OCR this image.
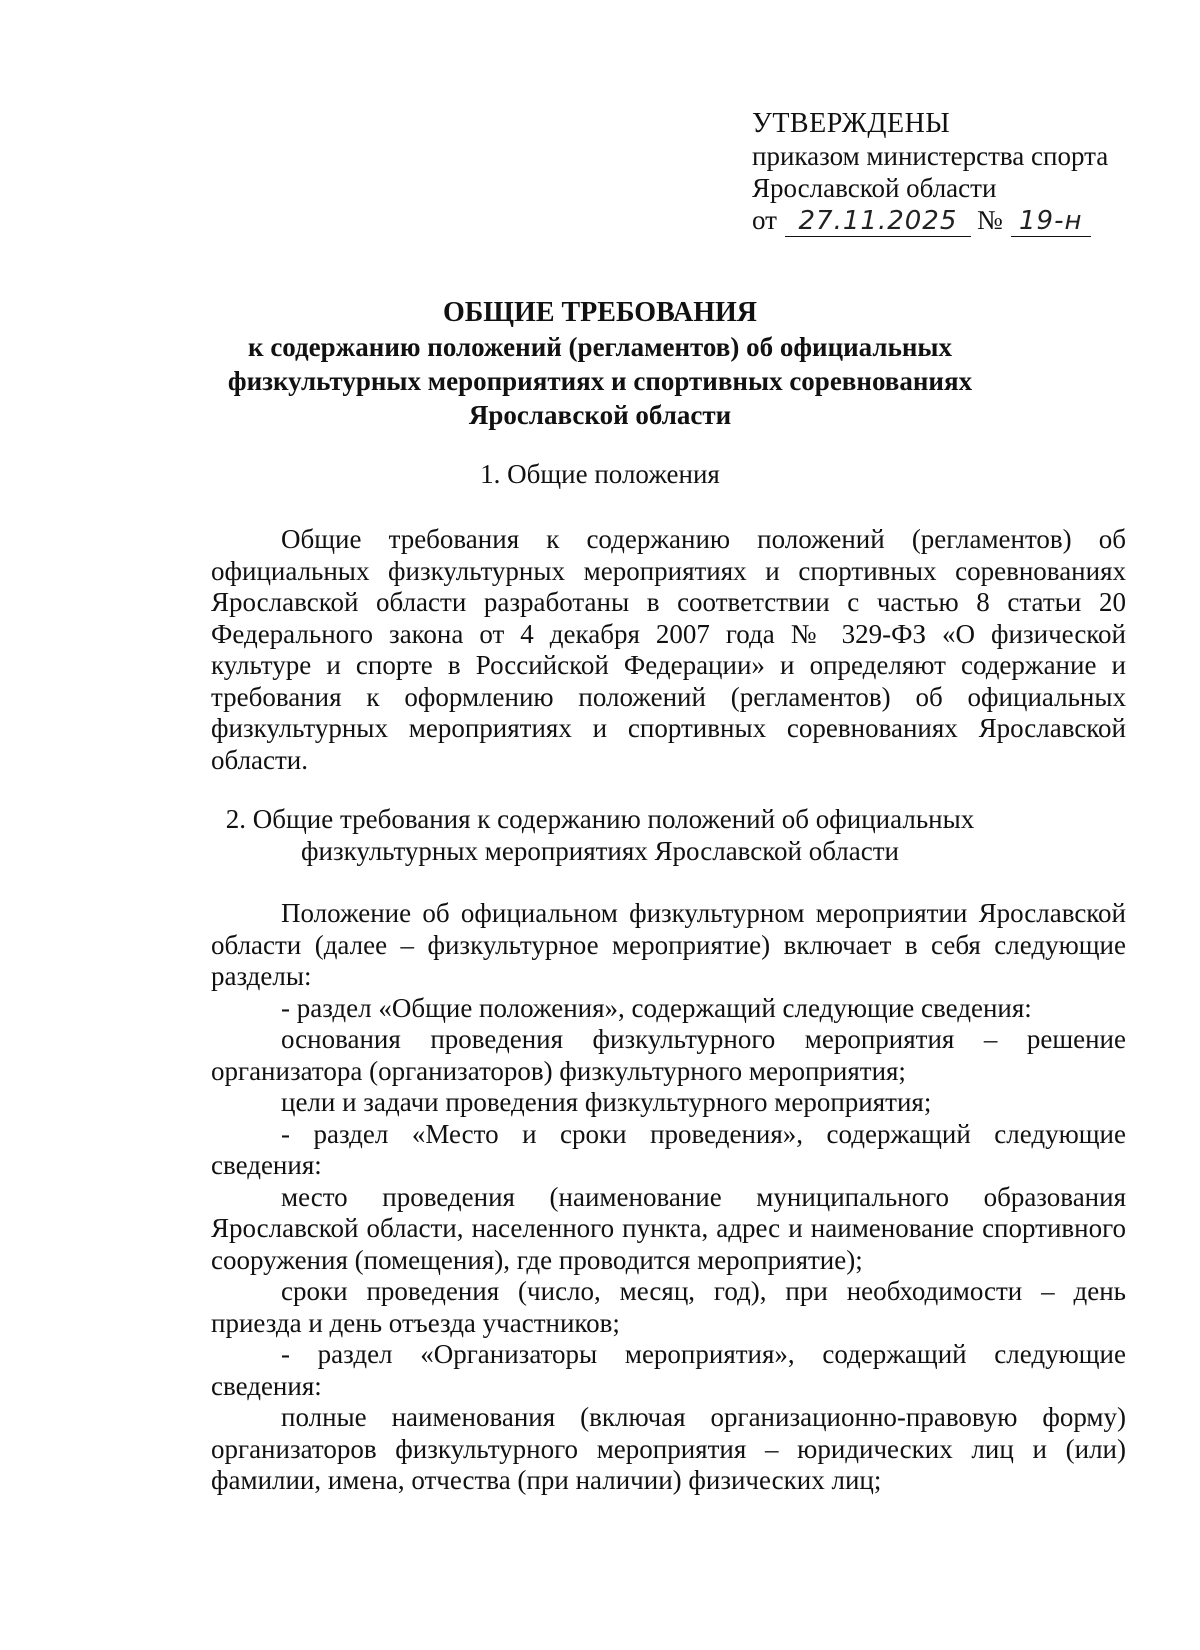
УТВЕРЖДЕНЫ
приказом министерства спорта
Ярославской области
от 27.11.2025 № 19-н
ОБЩИЕ ТРЕБОВАНИЯ
к содержанию положений (регламентов) об официальных
физкультурных мероприятиях и спортивных соревнованиях
Ярославской области
1. Общие положения

Общие требования к содержанию положений (регламентов) об официальных физкультурных мероприятиях и спортивных соревнованиях Ярославской области разработаны в соответствии с частью 8 статьи 20 Федерального закона от 4 декабря 2007 года № 329-ФЗ «О физической культуре и спорте в Российской Федерации» и определяют содержание и требования к оформлению положений (регламентов) об официальных физкультурных мероприятиях и спортивных соревнованиях Ярославской области.

2. Общие требования к содержанию положений об официальных
физкультурных мероприятиях Ярославской области

Положение об официальном физкультурном мероприятии Ярославской области (далее – физкультурное мероприятие) включает в себя следующие разделы:

- раздел «Общие положения», содержащий следующие сведения:

основания проведения физкультурного мероприятия – решение организатора (организаторов) физкультурного мероприятия;

цели и задачи проведения физкультурного мероприятия;

- раздел «Место и сроки проведения», содержащий следующие сведения:

место проведения (наименование муниципального образования Ярославской области, населенного пункта, адрес и наименование спортивного сооружения (помещения), где проводится мероприятие);

сроки проведения (число, месяц, год), при необходимости – день приезда и день отъезда участников;

- раздел «Организаторы мероприятия», содержащий следующие сведения:

полные наименования (включая организационно-правовую форму) организаторов физкультурного мероприятия – юридических лиц и (или) фамилии, имена, отчества (при наличии) физических лиц;
